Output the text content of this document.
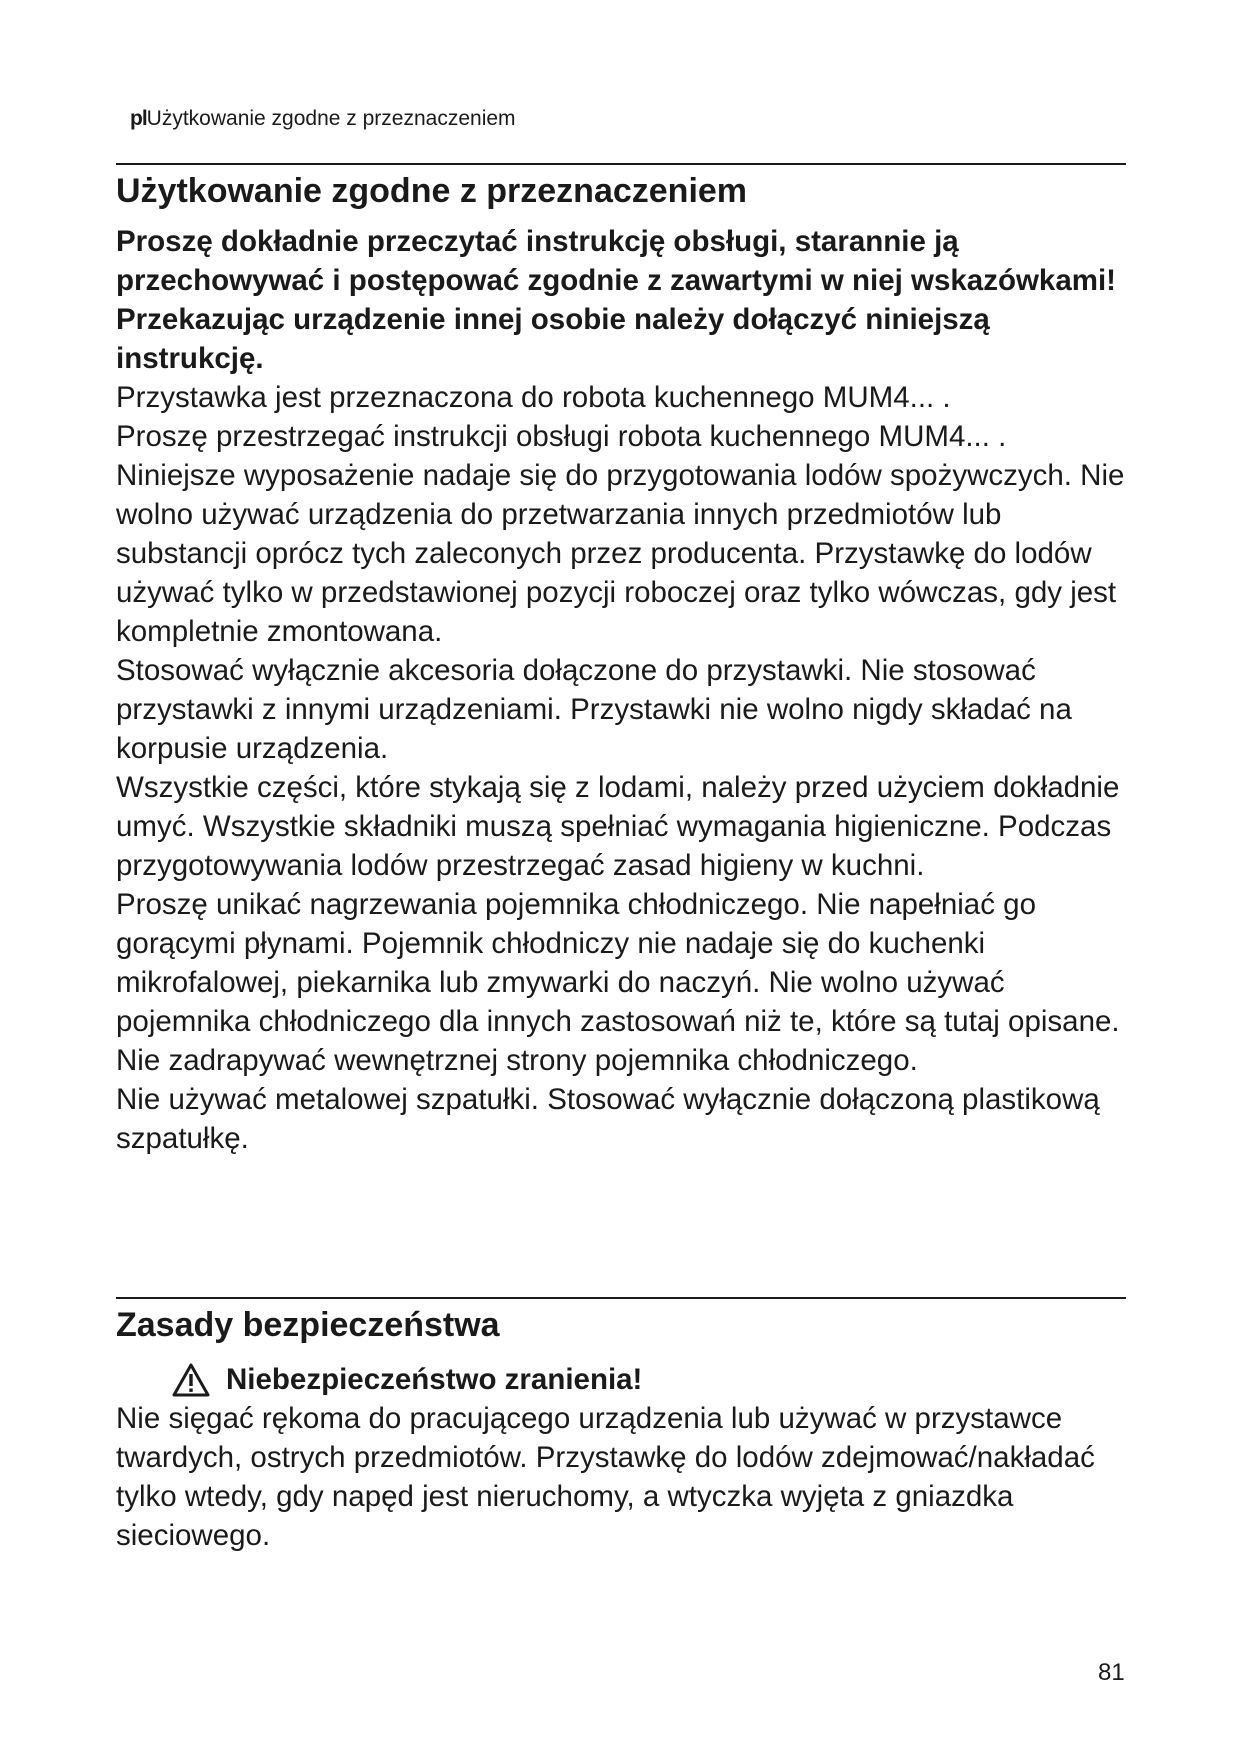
plUżytkowanie zgodne z przeznaczeniem
Użytkowanie zgodne z przeznaczeniem

Proszę dokładnie przeczytać instrukcję obsługi, starannie ją przechowywać i postępować zgodnie z zawartymi w niej wskazówkami! Przekazując urządzenie innej osobie należy dołączyć niniejszą instrukcję.

Przystawka jest przeznaczona do robota kuchennego MUM4... .

Proszę przestrzegać instrukcji obsługi robota kuchennego MUM4... .

Niniejsze wyposażenie nadaje się do przygotowania lodów spożywczych. Nie wolno używać urządzenia do przetwarzania innych przedmiotów lub substancji oprócz tych zaleconych przez producenta. Przystawkę do lodów używać tylko w przedstawionej pozycji roboczej oraz tylko wówczas, gdy jest kompletnie zmontowana.

Stosować wyłącznie akcesoria dołączone do przystawki. Nie stosować przystawki z innymi urządzeniami. Przystawki nie wolno nigdy składać na korpusie urządzenia.

Wszystkie części, które stykają się z lodami, należy przed użyciem dokładnie umyć. Wszystkie składniki muszą spełniać wymagania higieniczne. Podczas przygotowywania lodów przestrzegać zasad higieny w kuchni.

Proszę unikać nagrzewania pojemnika chłodniczego. Nie napełniać go gorącymi płynami. Pojemnik chłodniczy nie nadaje się do kuchenki mikrofalowej, piekarnika lub zmywarki do naczyń. Nie wolno używać pojemnika chłodniczego dla innych zastosowań niż te, które są tutaj opisane.

Nie zadrapywać wewnętrznej strony pojemnika chłodniczego.

Nie używać metalowej szpatułki. Stosować wyłącznie dołączoną plastikową szpatułkę.

Zasady bezpieczeństwa
Niebezpieczeństwo zranienia!

Nie sięgać rękoma do pracującego urządzenia lub używać w przystawce twardych, ostrych przedmiotów. Przystawkę do lodów zdejmować/nakładać tylko wtedy, gdy napęd jest nieruchomy, a wtyczka wyjęta z gniazdka sieciowego.

81
